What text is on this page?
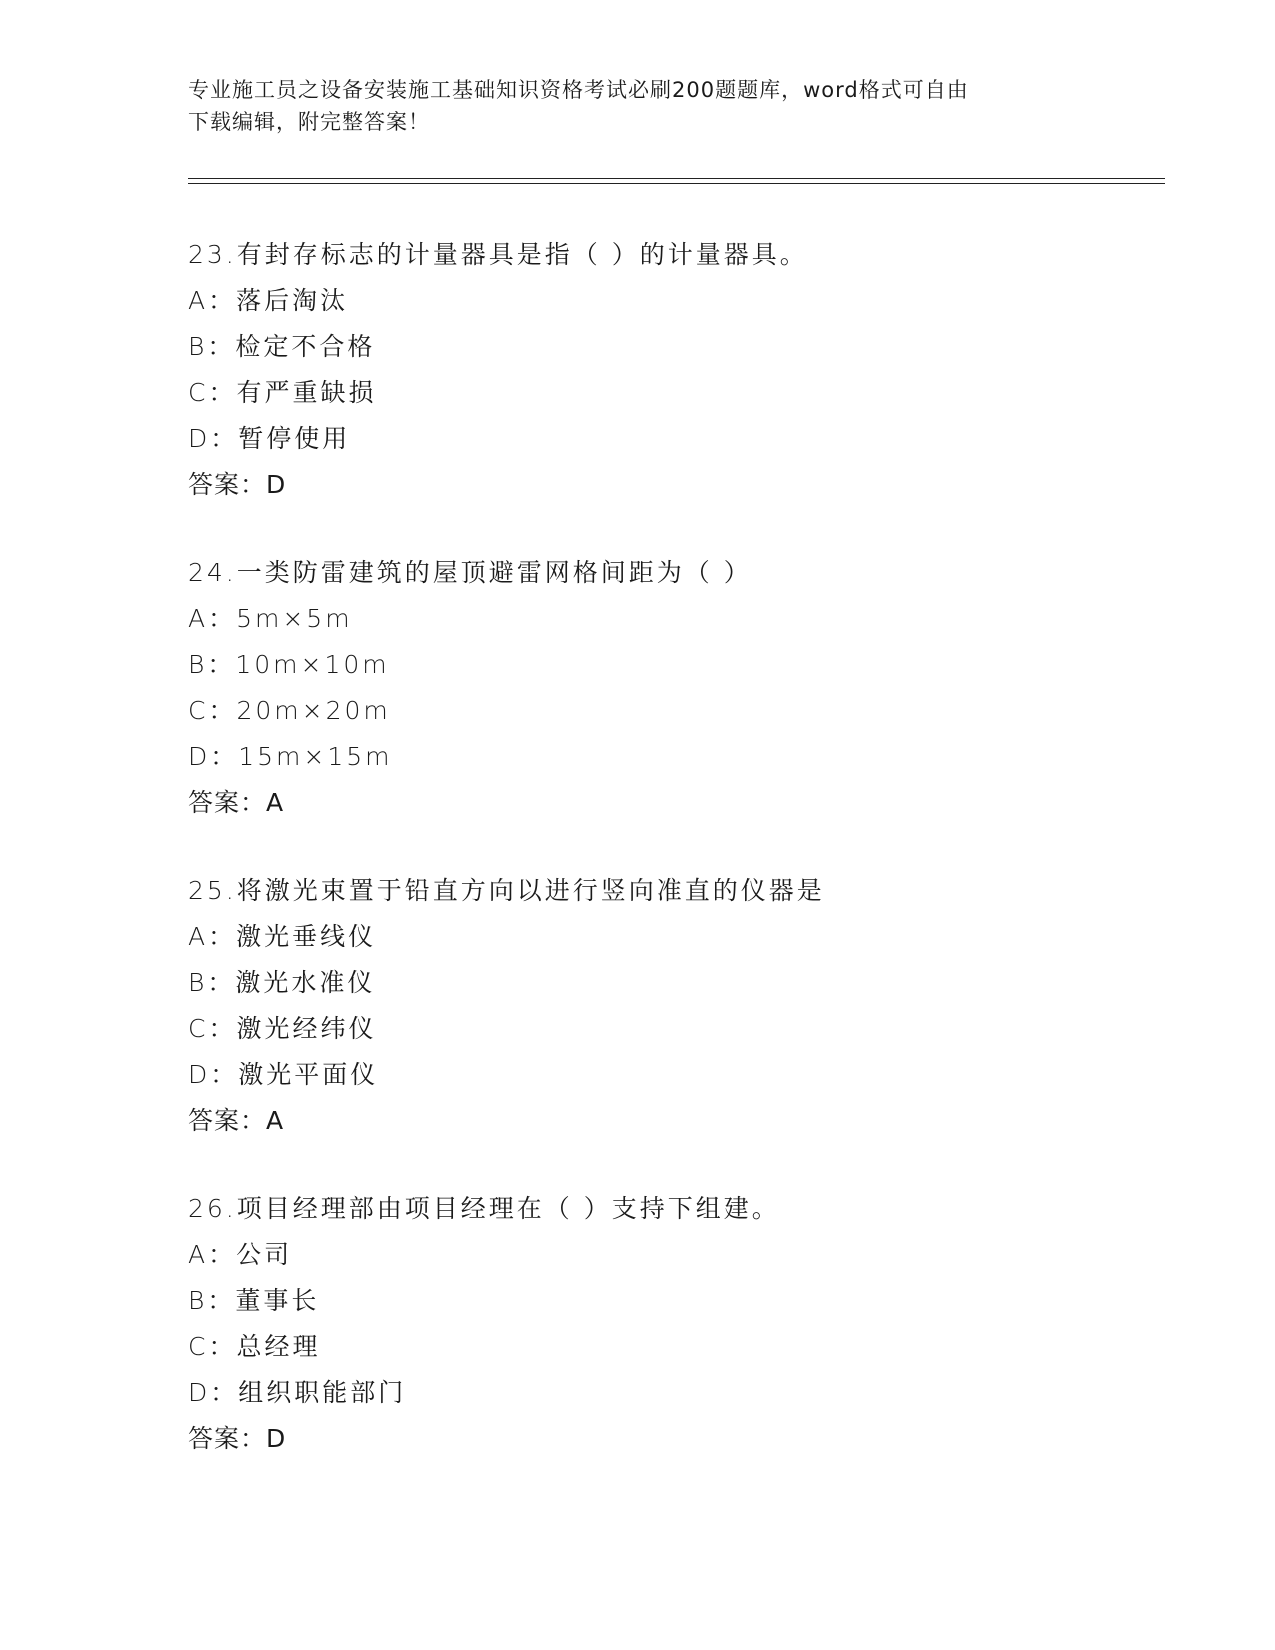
专业施工员之设备安装施工基础知识资格考试必刷200题题库，word格式可自由
下载编辑，附完整答案！
23.有封存标志的计量器具是指（ ）的计量器具。
A：落后淘汰
B：检定不合格
C：有严重缺损
D：暂停使用
答案：D
24.一类防雷建筑的屋顶避雷网格间距为（ ）
A：5m×5m
B：10m×10m
C：20m×20m
D：15m×15m
答案：A
25.将激光束置于铅直方向以进行竖向准直的仪器是
A：激光垂线仪
B：激光水准仪
C：激光经纬仪
D：激光平面仪
答案：A
26.项目经理部由项目经理在（ ）支持下组建。
A：公司
B：董事长
C：总经理
D：组织职能部门
答案：D
